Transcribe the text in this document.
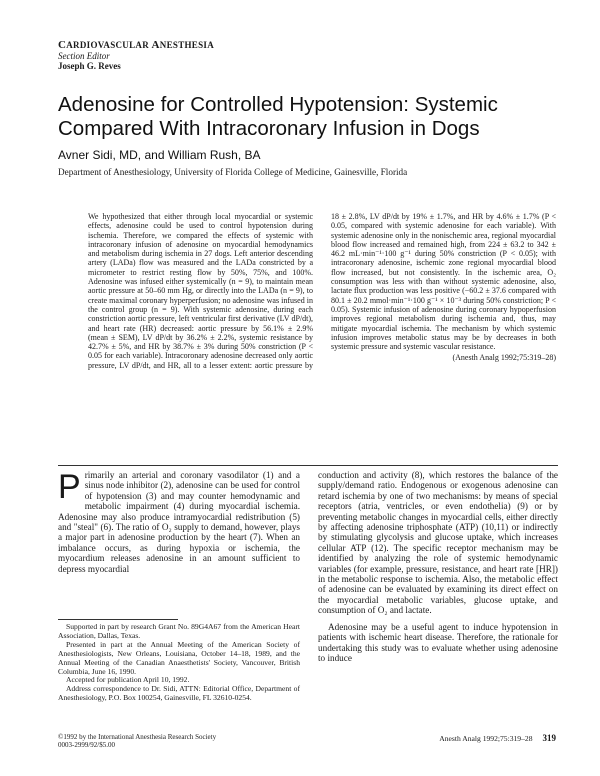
CARDIOVASCULAR ANESTHESIA
Section Editor
Joseph G. Reves
Adenosine for Controlled Hypotension: Systemic Compared With Intracoronary Infusion in Dogs
Avner Sidi, MD, and William Rush, BA
Department of Anesthesiology, University of Florida College of Medicine, Gainesville, Florida
We hypothesized that either through local myocardial or systemic effects, adenosine could be used to control hypotension during ischemia. Therefore, we compared the effects of systemic with intracoronary infusion of adenosine on myocardial hemodynamics and metabolism during ischemia in 27 dogs. Left anterior descending artery (LADa) flow was measured and the LADa constricted by a micrometer to restrict resting flow by 50%, 75%, and 100%. Adenosine was infused either systemically (n = 9), to maintain mean aortic pressure at 50–60 mm Hg, or directly into the LADa (n = 9), to create maximal coronary hyperperfusion; no adenosine was infused in the control group (n = 9). With systemic adenosine, during each constriction aortic pressure, left ventricular first derivative (LV dP/dt), and heart rate (HR) decreased: aortic pressure by 56.1% ± 2.9% (mean ± SEM), LV dP/dt by 36.2% ± 2.2%, systemic resistance by 42.7% ± 5%, and HR by 38.7% ± 3% during 50% constriction (P < 0.05 for each variable). Intracoronary adenosine decreased only aortic pressure, LV dP/dt, and HR, all to a lesser extent: aortic pressure by 18 ± 2.8%, LV dP/dt by 19% ± 1.7%, and HR by 4.6% ± 1.7% (P < 0.05, compared with systemic adenosine for each variable). With systemic adenosine only in the nonischemic area, regional myocardial blood flow increased and remained high, from 224 ± 63.2 to 342 ± 46.2 mL·min⁻¹·100 g⁻¹ during 50% constriction (P < 0.05); with intracoronary adenosine, ischemic zone regional myocardial blood flow increased, but not consistently. In the ischemic area, O₂ consumption was less with than without systemic adenosine, also, lactate flux production was less positive (−60.2 ± 37.6 compared with 80.1 ± 20.2 mmol·min⁻¹·100 g⁻¹ × 10⁻³ during 50% constriction; P < 0.05). Systemic infusion of adenosine during coronary hypoperfusion improves regional metabolism during ischemia and, thus, may mitigate myocardial ischemia. The mechanism by which systemic infusion improves metabolic status may be by decreases in both systemic pressure and systemic vascular resistance.
(Anesth Analg 1992;75:319–28)
Primarily an arterial and coronary vasodilator (1) and a sinus node inhibitor (2), adenosine can be used for control of hypotension (3) and may counter hemodynamic and metabolic impairment (4) during myocardial ischemia. Adenosine may also produce intramyocardial redistribution (5) and "steal" (6). The ratio of O₂ supply to demand, however, plays a major part in adenosine production by the heart (7). When an imbalance occurs, as during hypoxia or ischemia, the myocardium releases adenosine in an amount sufficient to depress myocardial

conduction and activity (8), which restores the balance of the supply/demand ratio. Endogenous or exogenous adenosine can retard ischemia by one of two mechanisms: by means of special receptors (atria, ventricles, or even endothelia) (9) or by preventing metabolic changes in myocardial cells, either directly by affecting adenosine triphosphate (ATP) (10,11) or indirectly by stimulating glycolysis and glucose uptake, which increases cellular ATP (12). The specific receptor mechanism may be identified by analyzing the role of systemic hemodynamic variables (for example, pressure, resistance, and heart rate [HR]) in the metabolic response to ischemia. Also, the metabolic effect of adenosine can be evaluated by examining its direct effect on the myocardial metabolic variables, glucose uptake, and consumption of O₂ and lactate.

Adenosine may be a useful agent to induce hypotension in patients with ischemic heart disease. Therefore, the rationale for undertaking this study was to evaluate whether using adenosine to induce

Supported in part by research Grant No. 89G4A67 from the American Heart Association, Dallas, Texas.

Presented in part at the Annual Meeting of the American Society of Anesthesiologists, New Orleans, Louisiana, October 14–18, 1989, and the Annual Meeting of the Canadian Anaesthetists' Society, Vancouver, British Columbia, June 16, 1990.

Accepted for publication April 10, 1992.

Address correspondence to Dr. Sidi, ATTN: Editorial Office, Department of Anesthesiology, P.O. Box 100254, Gainesville, FL 32610-0254.

©1992 by the International Anesthesia Research Society
0003-2999/92/$5.00
Anesth Analg 1992;75:319–28 319
